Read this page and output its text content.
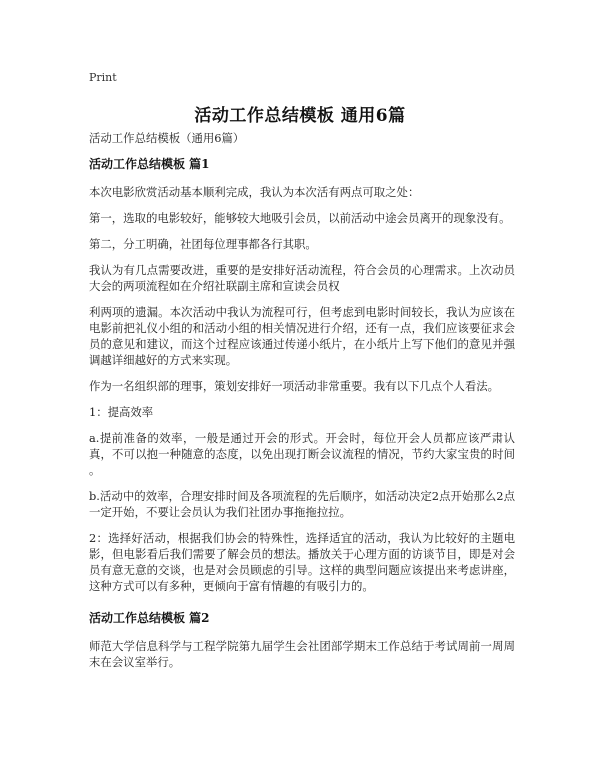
Print
活动工作总结模板 通用6篇

活动工作总结模板（通用6篇）

活动工作总结模板 篇1

本次电影欣赏活动基本顺利完成，我认为本次活有两点可取之处：

第一，选取的电影较好，能够较大地吸引会员，以前活动中途会员离开的现象没有。

第二，分工明确，社团每位理事都各行其职。

我认为有几点需要改进，重要的是安排好活动流程，符合会员的心理需求。上次动员大会的两项流程如在介绍社联副主席和宣读会员权

利两项的遗漏。本次活动中我认为流程可行，但考虑到电影时间较长，我认为应该在电影前把礼仪小组的和活动小组的相关情况进行介绍，还有一点，我们应该要征求会员的意见和建议，而这个过程应该通过传递小纸片，在小纸片上写下他们的意见并强调越详细越好的方式来实现。

作为一名组织部的理事，策划安排好一项活动非常重要。我有以下几点个人看法。

1：提高效率

a.提前准备的效率，一般是通过开会的形式。开会时，每位开会人员都应该严肃认真，不可以抱一种随意的态度，以免出现打断会议流程的情况，节约大家宝贵的时间 。

b.活动中的效率，合理安排时间及各项流程的先后顺序，如活动决定2点开始那么2点一定开始，不要让会员认为我们社团办事拖拖拉拉。

2：选择好活动，根据我们协会的特殊性，选择适宜的活动，我认为比较好的主题电影，但电影看后我们需要了解会员的想法。播放关于心理方面的访谈节目，即是对会员有意无意的交谈，也是对会员顾虑的引导。这样的典型问题应该提出来考虑讲座，这种方式可以有多种，更倾向于富有情趣的有吸引力的。

活动工作总结模板 篇2

师范大学信息科学与工程学院第九届学生会社团部学期末工作总结于考试周前一周周末在会议室举行。
